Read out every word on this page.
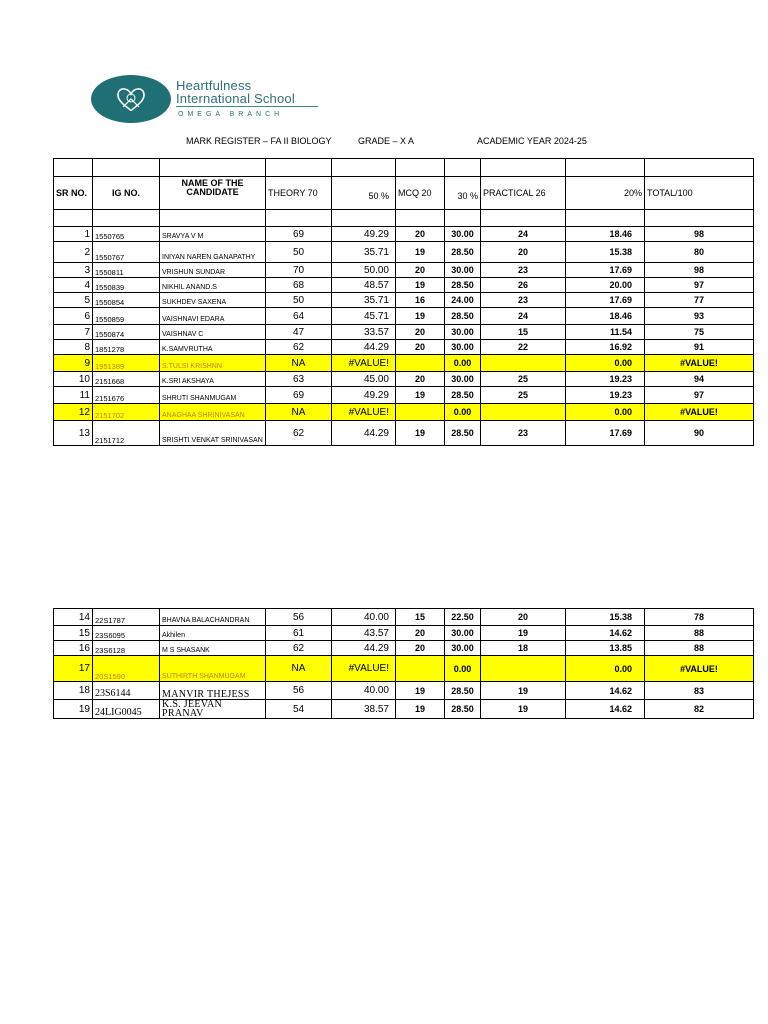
Heartfulness
International School
OMEGA BRANCH
MARK REGISTER – FA II BIOLOGY	GRADE – X A	ACADEMIC YEAR 2024-25

SR NO.	IG NO.	NAME OF THE CANDIDATE	THEORY 70	50 %	MCQ 20	30 %	PRACTICAL 26	20%	TOTAL/100

1	1550765	SRAVYA V M	69	49.29	20	30.00	24	18.46	98
2	1550767	INIYAN NAREN GANAPATHY	50	35.71	19	28.50	20	15.38	80
3	1550811	VRISHUN SUNDAR	70	50.00	20	30.00	23	17.69	98
4	1550839	NIKHIL ANAND.S	68	48.57	19	28.50	26	20.00	97
5	1550854	SUKHDEV SAXENA	50	35.71	16	24.00	23	17.69	77
6	1550859	VAISHNAVI EDARA	64	45.71	19	28.50	24	18.46	93
7	1550874	VAISHNAV C	47	33.57	20	30.00	15	11.54	75
8	1851278	K.SAMVRUTHA	62	44.29	20	30.00	22	16.92	91
9	1951389	S.TULSI KRISHNN	NA	#VALUE!		0.00		0.00	#VALUE!
10	2151668	K.SRI AKSHAYA	63	45.00	20	30.00	25	19.23	94
11	2151676	SHRUTI SHANMUGAM	69	49.29	19	28.50	25	19.23	97
12	2151702	ANAGHAA SHRINIVASAN	NA	#VALUE!		0.00		0.00	#VALUE!
13	2151712	SRISHTI VENKAT SRINIVASAN	62	44.29	19	28.50	23	17.69	90
14	22S1787	BHAVNA BALACHANDRAN	56	40.00	15	22.50	20	15.38	78
15	23S6095	Akhilen	61	43.57	20	30.00	19	14.62	88
16	23S6128	M S SHASANK	62	44.29	20	30.00	18	13.85	88
17	20S1590	SUTHIRTH SHANMUGAM	NA	#VALUE!		0.00		0.00	#VALUE!
18	23S6144	MANVIR THEJESS	56	40.00	19	28.50	19	14.62	83
19	24LIG0045	K.S. JEEVAN PRANAV	54	38.57	19	28.50	19	14.62	82
